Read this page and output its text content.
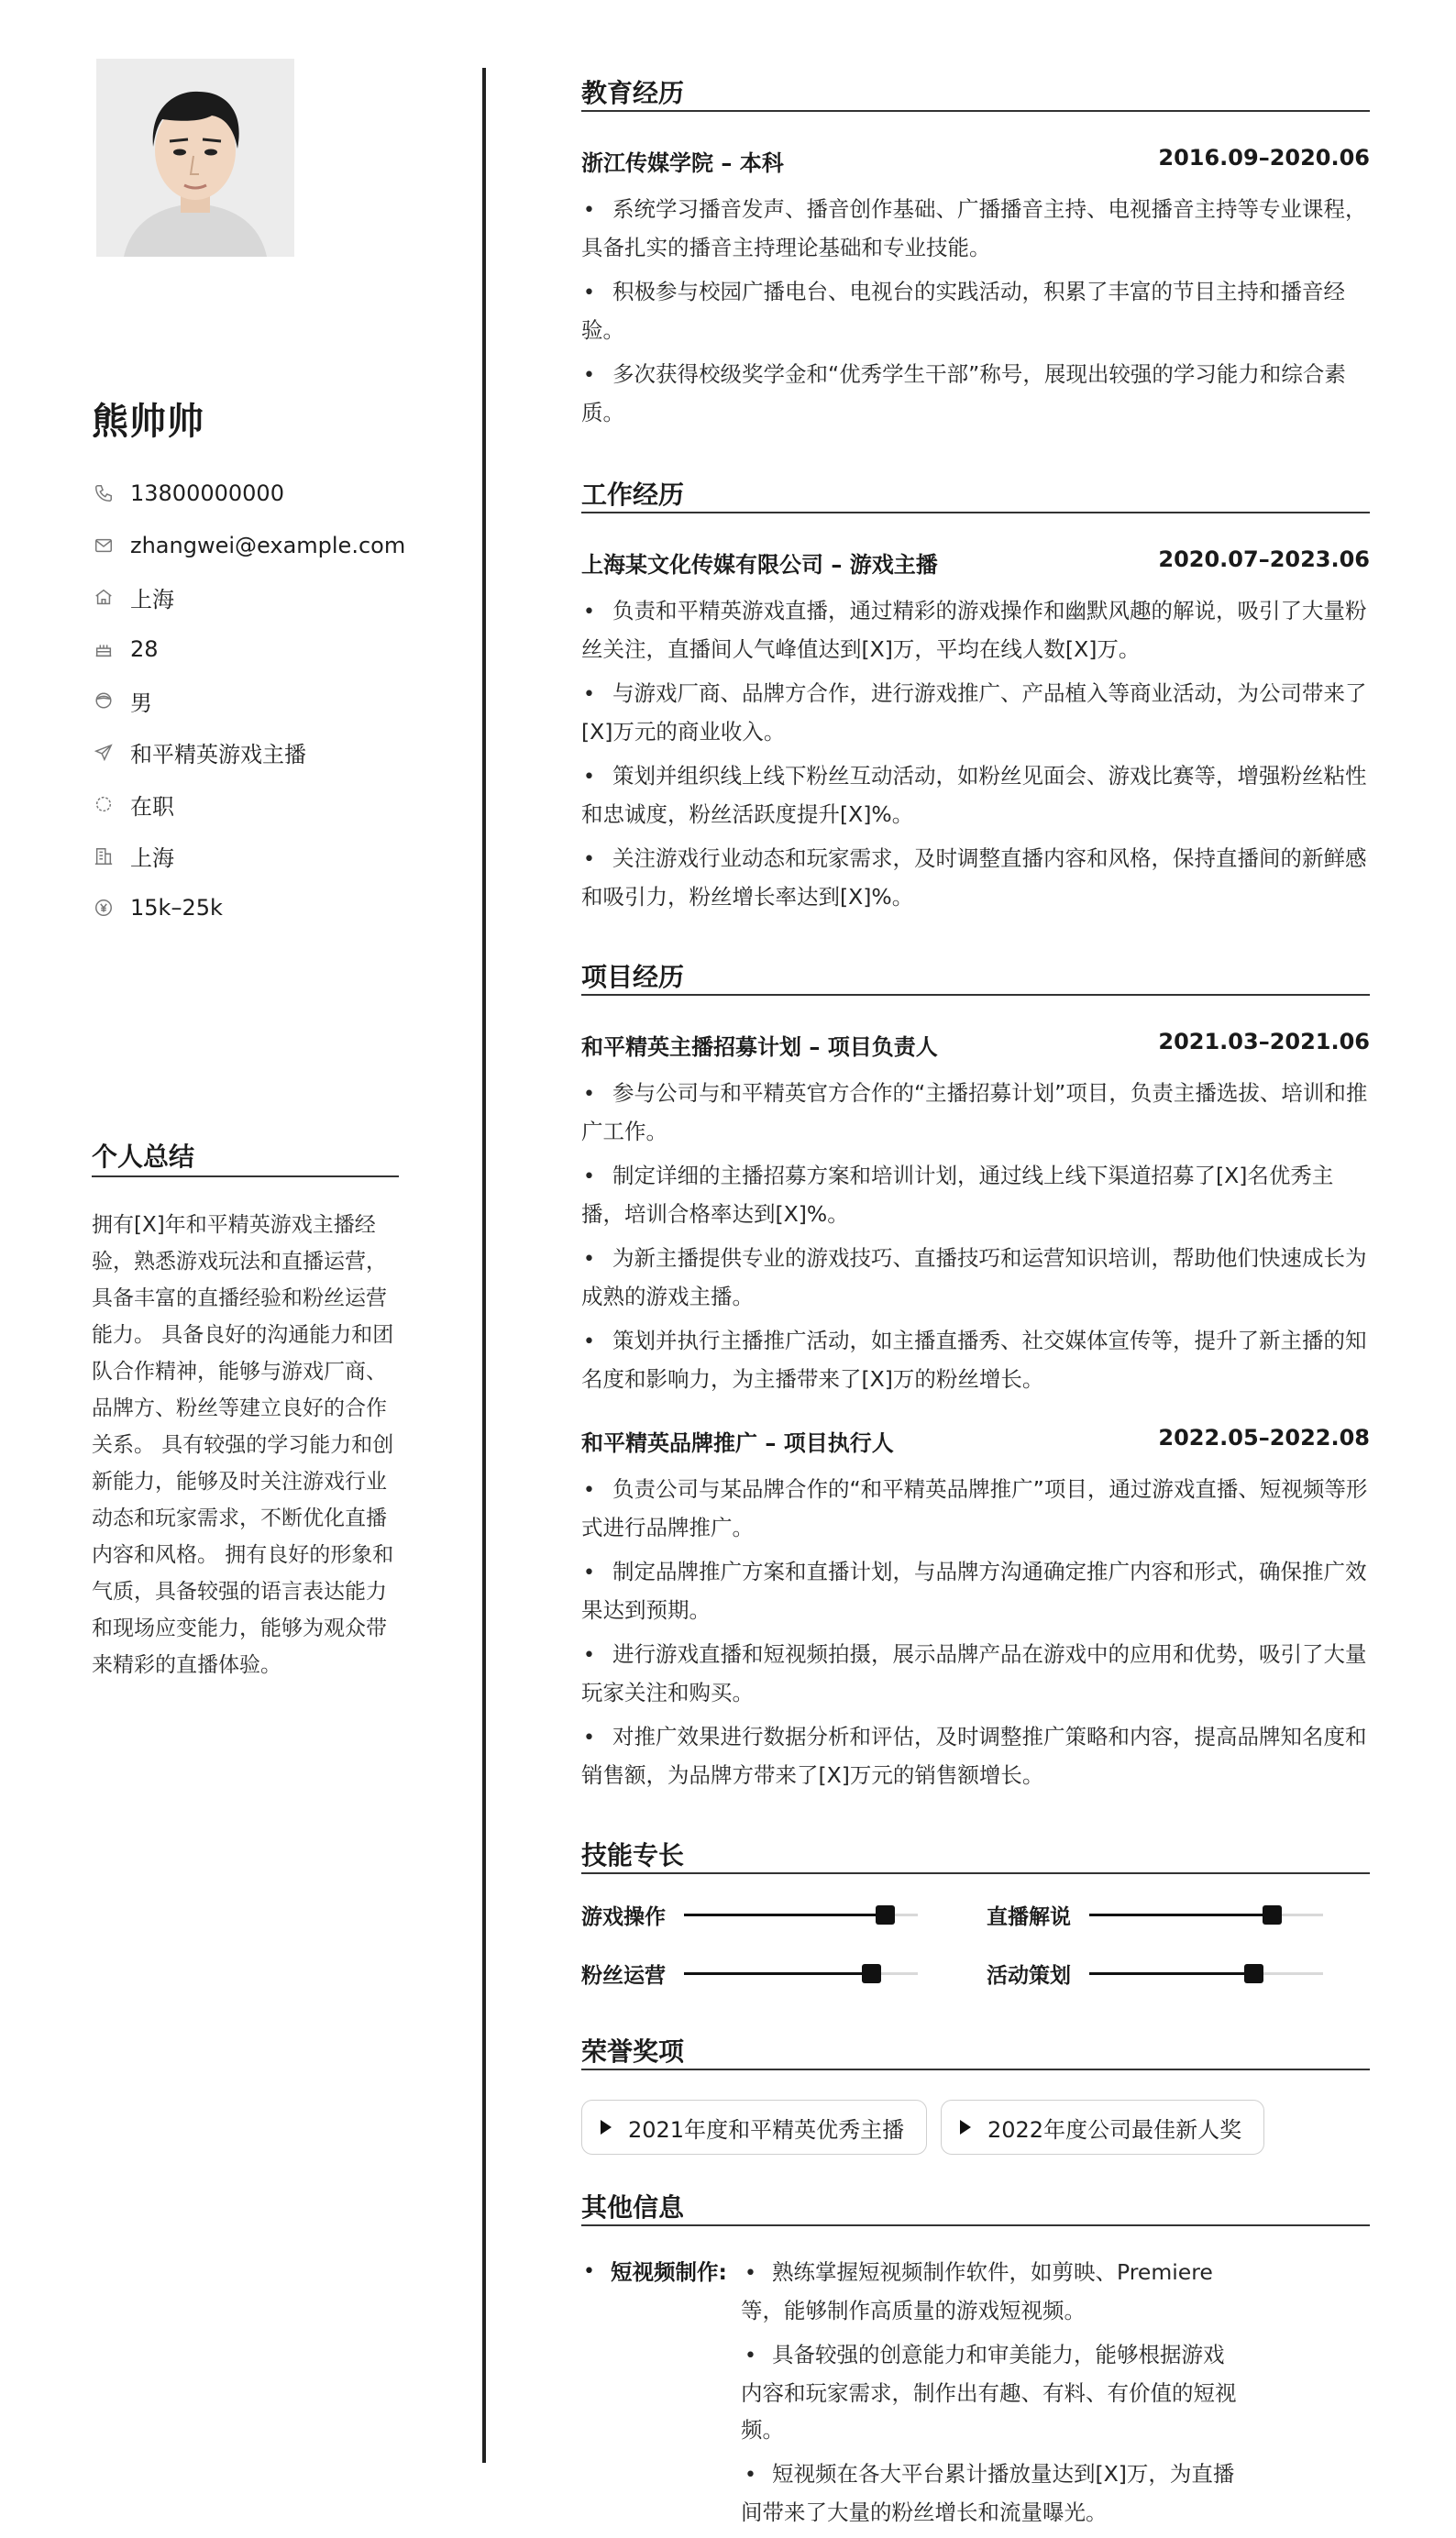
熊帅帅
13800000000
zhangwei@example.com
上海
28
男
和平精英游戏主播
在职
上海
15k–25k
个人总结
拥有[X]年和平精英游戏主播经验，熟悉游戏玩法和直播运营，具备丰富的直播经验和粉丝运营能力。 具备良好的沟通能力和团队合作精神，能够与游戏厂商、品牌方、粉丝等建立良好的合作关系。 具有较强的学习能力和创新能力，能够及时关注游戏行业动态和玩家需求，不断优化直播内容和风格。 拥有良好的形象和气质，具备较强的语言表达能力和现场应变能力，能够为观众带来精彩的直播体验。
教育经历
浙江传媒学院 – 本科	2016.09–2020.06
• 系统学习播音发声、播音创作基础、广播播音主持、电视播音主持等专业课程，具备扎实的播音主持理论基础和专业技能。
• 积极参与校园广播电台、电视台的实践活动，积累了丰富的节目主持和播音经验。
• 多次获得校级奖学金和“优秀学生干部”称号，展现出较强的学习能力和综合素质。
工作经历
上海某文化传媒有限公司 – 游戏主播	2020.07–2023.06
• 负责和平精英游戏直播，通过精彩的游戏操作和幽默风趣的解说，吸引了大量粉丝关注，直播间人气峰值达到[X]万，平均在线人数[X]万。
• 与游戏厂商、品牌方合作，进行游戏推广、产品植入等商业活动，为公司带来了[X]万元的商业收入。
• 策划并组织线上线下粉丝互动活动，如粉丝见面会、游戏比赛等，增强粉丝粘性和忠诚度，粉丝活跃度提升[X]%。
• 关注游戏行业动态和玩家需求，及时调整直播内容和风格，保持直播间的新鲜感和吸引力，粉丝增长率达到[X]%。
项目经历
和平精英主播招募计划 – 项目负责人	2021.03–2021.06
• 参与公司与和平精英官方合作的“主播招募计划”项目，负责主播选拔、培训和推广工作。
• 制定详细的主播招募方案和培训计划，通过线上线下渠道招募了[X]名优秀主播，培训合格率达到[X]%。
• 为新主播提供专业的游戏技巧、直播技巧和运营知识培训，帮助他们快速成长为成熟的游戏主播。
• 策划并执行主播推广活动，如主播直播秀、社交媒体宣传等，提升了新主播的知名度和影响力，为主播带来了[X]万的粉丝增长。
和平精英品牌推广 – 项目执行人	2022.05–2022.08
• 负责公司与某品牌合作的“和平精英品牌推广”项目，通过游戏直播、短视频等形式进行品牌推广。
• 制定品牌推广方案和直播计划，与品牌方沟通确定推广内容和形式，确保推广效果达到预期。
• 进行游戏直播和短视频拍摄，展示品牌产品在游戏中的应用和优势，吸引了大量玩家关注和购买。
• 对推广效果进行数据分析和评估，及时调整推广策略和内容，提高品牌知名度和销售额，为品牌方带来了[X]万元的销售额增长。
技能专长
游戏操作	直播解说
粉丝运营	活动策划
荣誉奖项
2021年度和平精英优秀主播	2022年度公司最佳新人奖
其他信息
• 短视频制作: • 熟练掌握短视频制作软件，如剪映、Premiere等，能够制作高质量的游戏短视频。
• 具备较强的创意能力和审美能力，能够根据游戏内容和玩家需求，制作出有趣、有料、有价值的短视频。
• 短视频在各大平台累计播放量达到[X]万，为直播间带来了大量的粉丝增长和流量曝光。
